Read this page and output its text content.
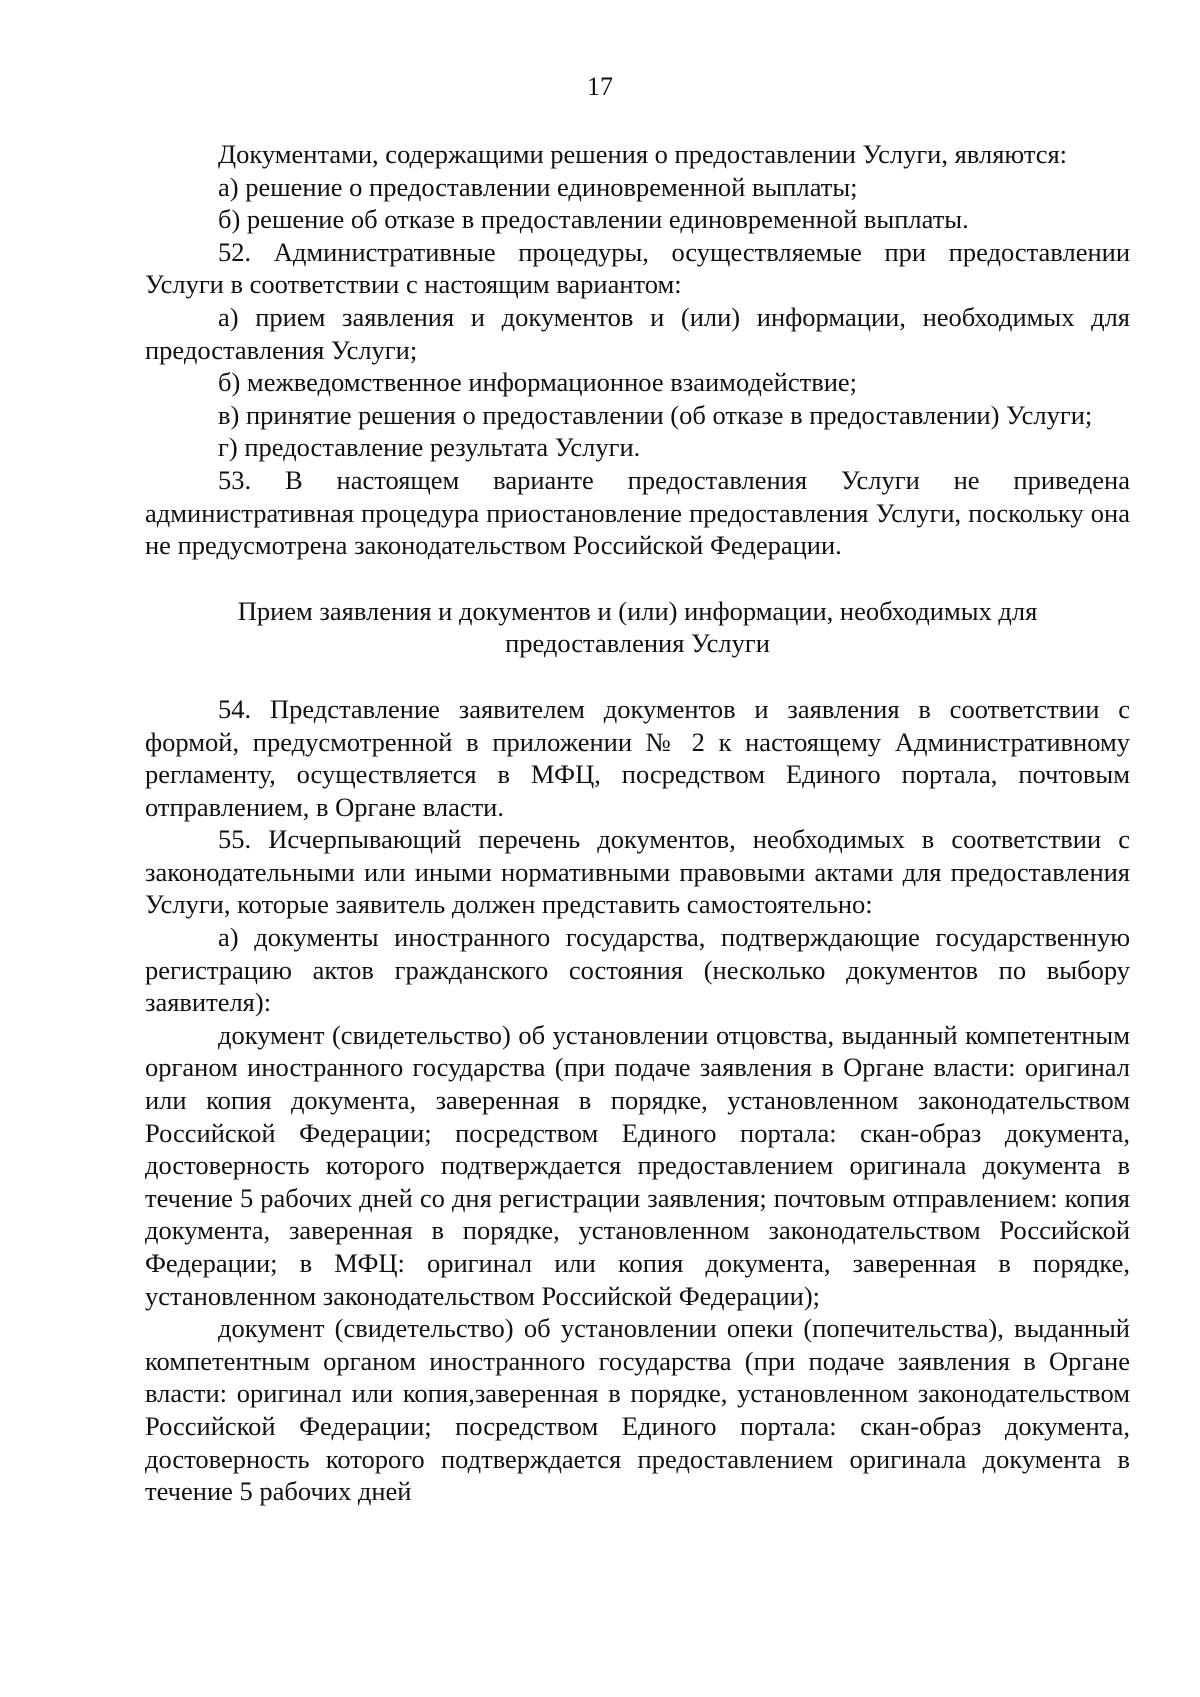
17

Документами, содержащими решения о предоставлении Услуги, являются:

а) решение о предоставлении единовременной выплаты;

б) решение об отказе в предоставлении единовременной выплаты.

52. Административные процедуры, осуществляемые при предоставлении Услуги в соответствии с настоящим вариантом:

а) прием заявления и документов и (или) информации, необходимых для предоставления Услуги;

б) межведомственное информационное взаимодействие;

в) принятие решения о предоставлении (об отказе в предоставлении) Услуги;

г) предоставление результата Услуги.

53. В настоящем варианте предоставления Услуги не приведена административная процедура приостановление предоставления Услуги, поскольку она не предусмотрена законодательством Российской Федерации.

Прием заявления и документов и (или) информации, необходимых для предоставления Услуги

54. Представление заявителем документов и заявления в соответствии с формой, предусмотренной в приложении № 2 к настоящему Административному регламенту, осуществляется в МФЦ, посредством Единого портала, почтовым отправлением, в Органе власти.

55. Исчерпывающий перечень документов, необходимых в соответствии с законодательными или иными нормативными правовыми актами для предоставления Услуги, которые заявитель должен представить самостоятельно:

а) документы иностранного государства, подтверждающие государственную регистрацию актов гражданского состояния (несколько документов по выбору заявителя):

документ (свидетельство) об установлении отцовства, выданный компетентным органом иностранного государства (при подаче заявления в Органе власти: оригинал или копия документа, заверенная в порядке, установленном законодательством Российской Федерации; посредством Единого портала: скан-образ документа, достоверность которого подтверждается предоставлением оригинала документа в течение 5 рабочих дней со дня регистрации заявления; почтовым отправлением: копия документа, заверенная в порядке, установленном законодательством Российской Федерации; в МФЦ: оригинал или копия документа, заверенная в порядке, установленном законодательством Российской Федерации);

документ (свидетельство) об установлении опеки (попечительства), выданный компетентным органом иностранного государства (при подаче заявления в Органе власти: оригинал или копия,заверенная в порядке, установленном законодательством Российской Федерации; посредством Единого портала: скан-образ документа, достоверность которого подтверждается предоставлением оригинала документа в течение 5 рабочих дней
